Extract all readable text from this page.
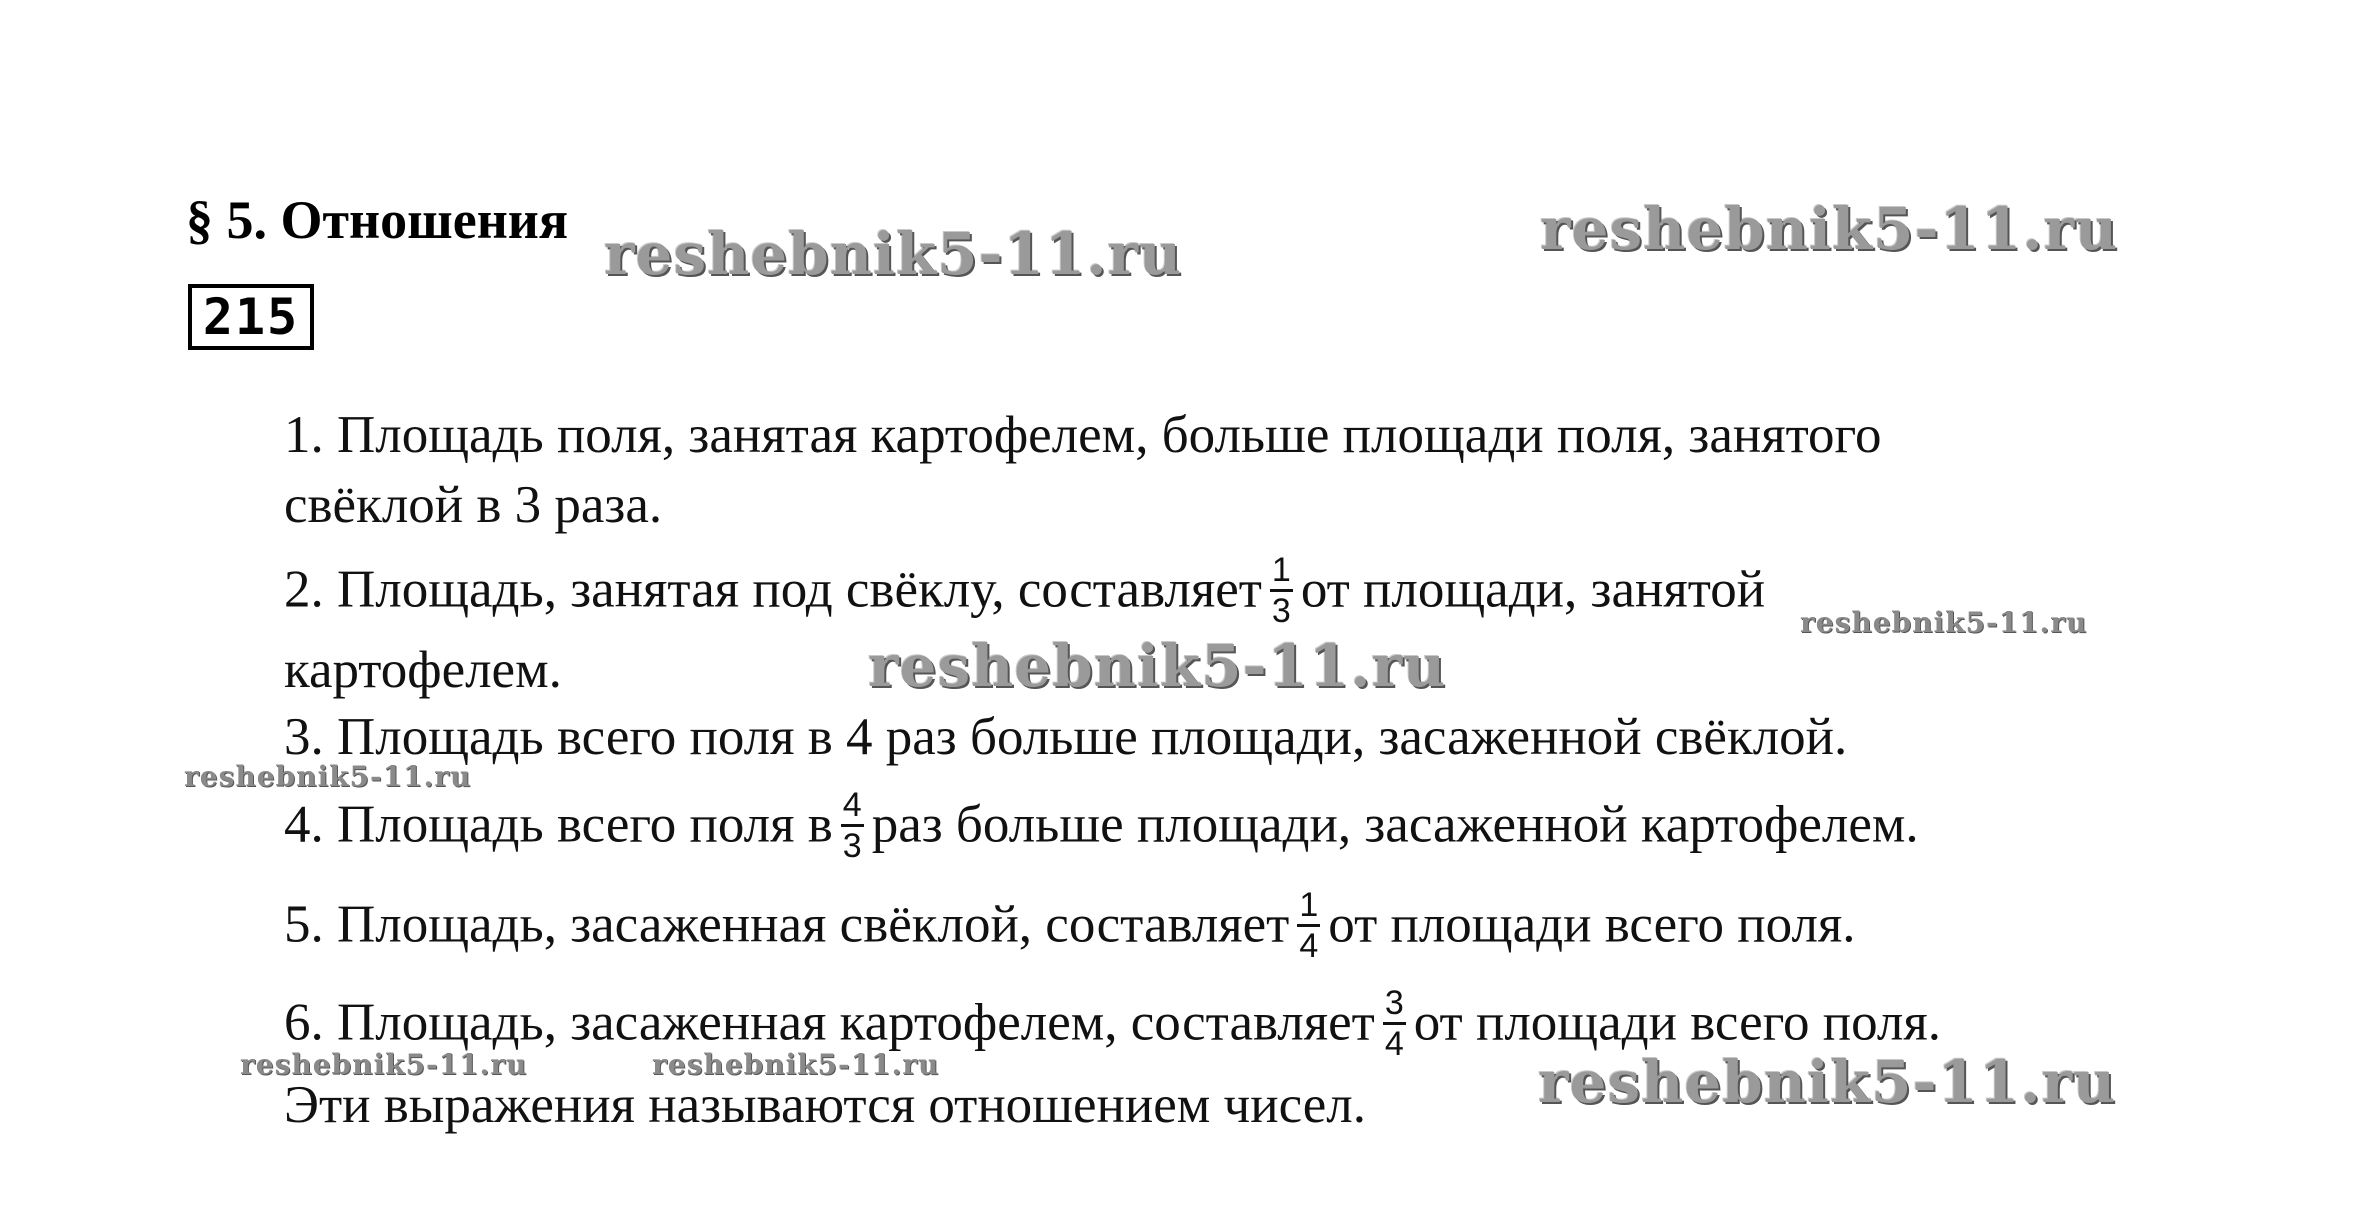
§ 5. Отношения
215
1. Площадь поля, занятая картофелем, больше площади поля, занятого
свёклой в 3 раза.
2. Площадь, занятая под свёклу, составляет $\frac{1}{3}$ от площади, занятой
картофелем.
3. Площадь всего поля в 4 раз больше площади, засаженной свёклой.
4. Площадь всего поля в $\frac{4}{3}$ раз больше площади, засаженной картофелем.
5. Площадь, засаженная свёклой, составляет $\frac{1}{4}$ от площади всего поля.
6. Площадь, засаженная картофелем, составляет $\frac{3}{4}$ от площади всего поля.
Эти выражения называются отношением чисел.
reshebnik5-11.ru	reshebnik5-11.ru
reshebnik5-11.ru
reshebnik5-11.ru
reshebnik5-11.ru
reshebnik5-11.ru
reshebnik5-11.ru	reshebnik5-11.ru
